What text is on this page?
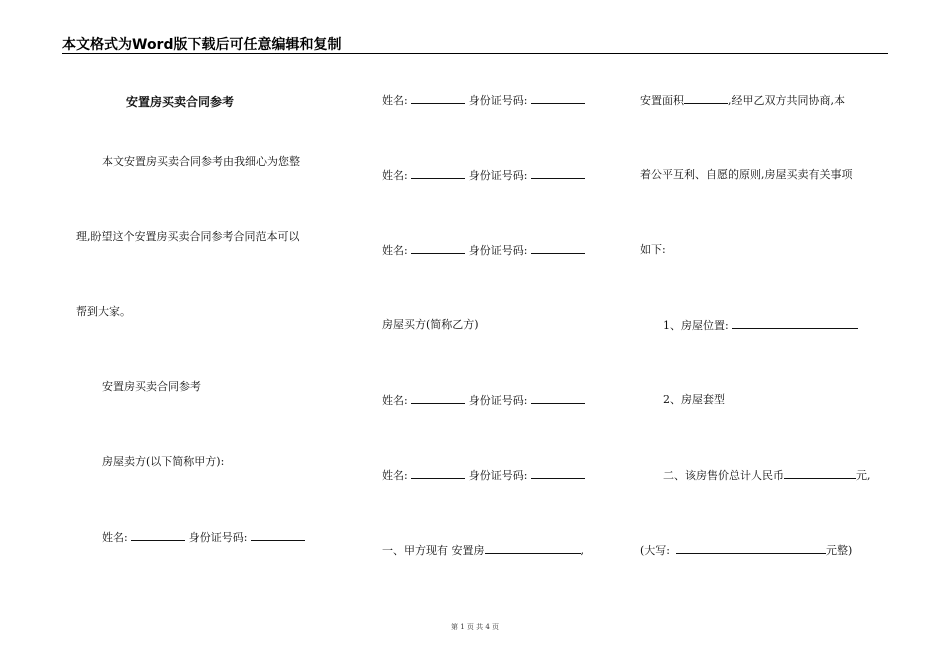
本文格式为Word版下载后可任意编辑和复制
安置房买卖合同参考
本文安置房买卖合同参考由我细心为您整
理,盼望这个安置房买卖合同参考合同范本可以
帮到大家。
安置房买卖合同参考
房屋卖方(以下简称甲方):
姓名:	身份证号码:
姓名:	身份证号码:
姓名:	身份证号码:
姓名:	身份证号码:
房屋买方(简称乙方)
姓名:	身份证号码:
姓名:	身份证号码:
一、甲方现有 安置房	,
安置面积	,经甲乙双方共同协商,本
着公平互利、自愿的原则,房屋买卖有关事项
如下:
1、房屋位置:
2、房屋套型
二、该房售价总计人民币	元,
(大写:	元整)
第 1 页 共 4 页
